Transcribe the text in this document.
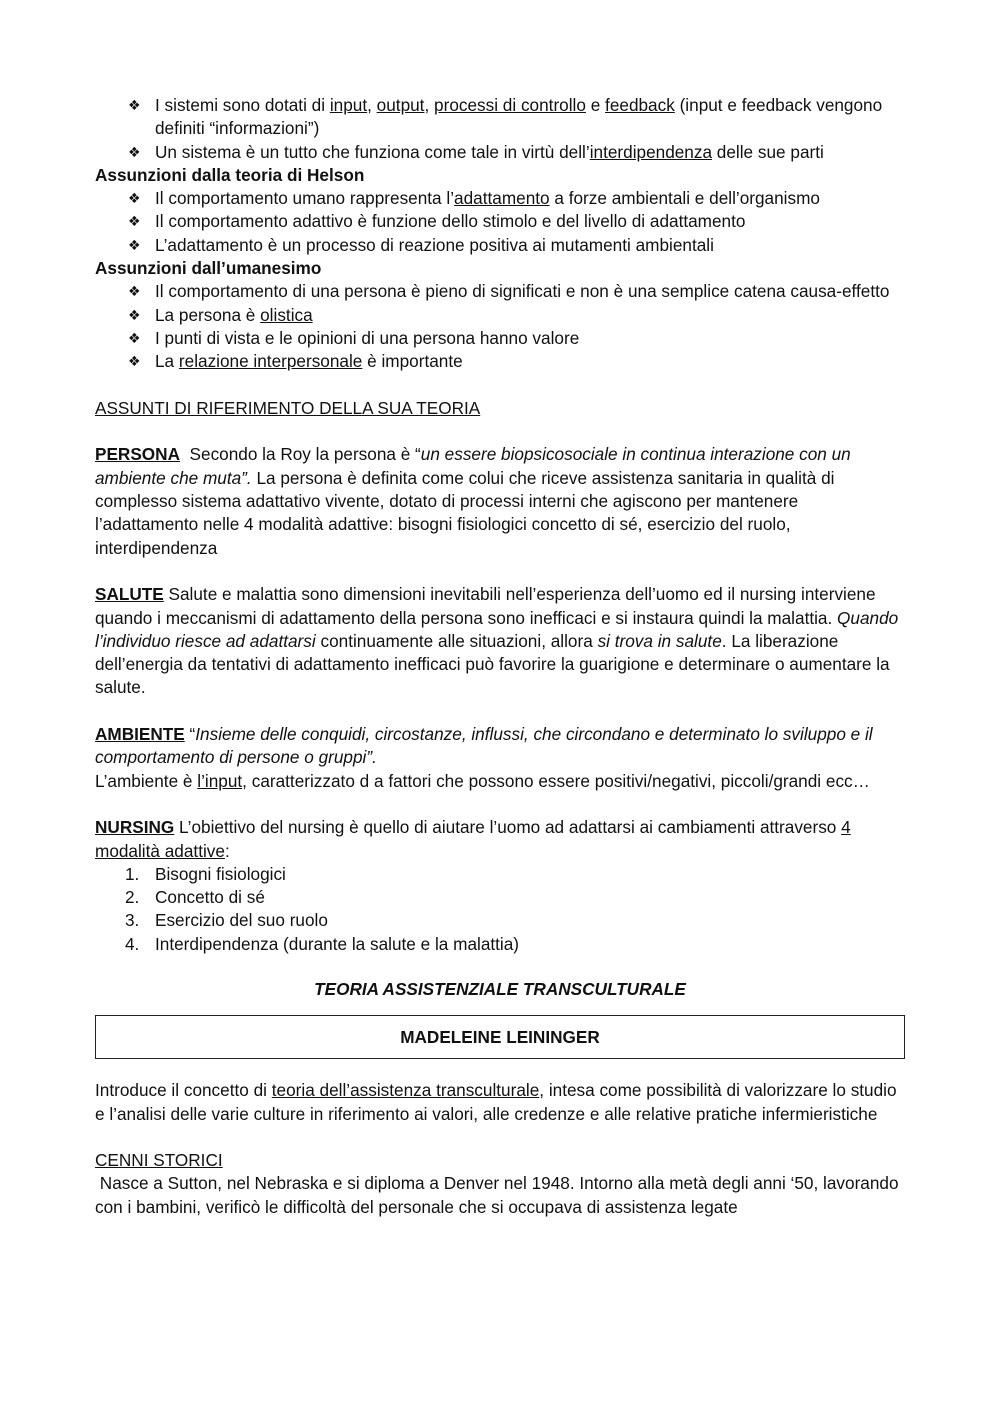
❖ I sistemi sono dotati di input, output, processi di controllo e feedback (input e feedback vengono definiti “informazioni”)
❖ Un sistema è un tutto che funziona come tale in virtù dell’interdipendenza delle sue parti

Assunzioni dalla teoria di Helson

❖ Il comportamento umano rappresenta l’adattamento a forze ambientali e dell’organismo
❖ Il comportamento adattivo è funzione dello stimolo e del livello di adattamento
❖ L’adattamento è un processo di reazione positiva ai mutamenti ambientali

Assunzioni dall’umanesimo

❖ Il comportamento di una persona è pieno di significati e non è una semplice catena causa-effetto
❖ La persona è olistica
❖ I punti di vista e le opinioni di una persona hanno valore
❖ La relazione interpersonale è importante

ASSUNTI DI RIFERIMENTO DELLA SUA TEORIA

PERSONA  Secondo la Roy la persona è “un essere biopsicosociale in continua interazione con un ambiente che muta”. La persona è definita come colui che riceve assistenza sanitaria in qualità di complesso sistema adattativo vivente, dotato di processi interni che agiscono per mantenere l’adattamento nelle 4 modalità adattive: bisogni fisiologici concetto di sé, esercizio del ruolo, interdipendenza

SALUTE Salute e malattia sono dimensioni inevitabili nell’esperienza dell’uomo ed il nursing interviene quando i meccanismi di adattamento della persona sono inefficaci e si instaura quindi la malattia. Quando l’individuo riesce ad adattarsi continuamente alle situazioni, allora si trova in salute. La liberazione dell’energia da tentativi di adattamento inefficaci può favorire la guarigione e determinare o aumentare la salute.

AMBIENTE “Insieme delle conquidi, circostanze, influssi, che circondano e determinato lo sviluppo e il comportamento di persone o gruppi”.

L’ambiente è l’input, caratterizzato d a fattori che possono essere positivi/negativi, piccoli/grandi ecc…

NURSING L’obiettivo del nursing è quello di aiutare l’uomo ad adattarsi ai cambiamenti attraverso 4 modalità adattive:

1. Bisogni fisiologici
2. Concetto di sé
3. Esercizio del suo ruolo
4. Interdipendenza (durante la salute e la malattia)

TEORIA ASSISTENZIALE TRANSCULTURALE

MADELEINE LEININGER

Introduce il concetto di teoria dell’assistenza transculturale, intesa come possibilità di valorizzare lo studio e l’analisi delle varie culture in riferimento ai valori, alle credenze e alle relative pratiche infermieristiche

CENNI STORICI

Nasce a Sutton, nel Nebraska e si diploma a Denver nel 1948. Intorno alla metà degli anni ‘50, lavorando con i bambini, verificò le difficoltà del personale che si occupava di assistenza legate
